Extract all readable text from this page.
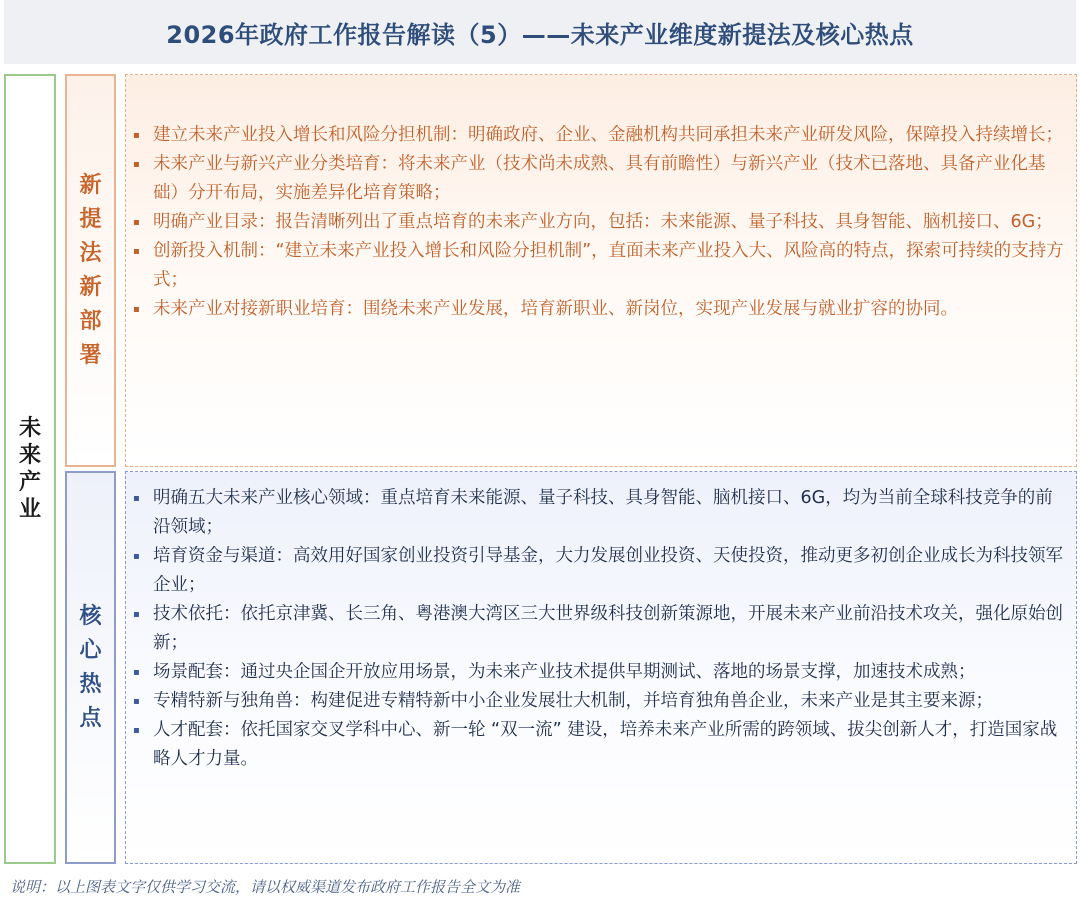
2026年政府工作报告解读（5）——未来产业维度新提法及核心热点
未来产业
新提法新部署
▪ 建立未来产业投入增长和风险分担机制：明确政府、企业、金融机构共同承担未来产业研发风险，保障投入持续增长；
▪ 未来产业与新兴产业分类培育：将未来产业（技术尚未成熟、具有前瞻性）与新兴产业（技术已落地、具备产业化基础）分开布局，实施差异化培育策略；
▪ 明确产业目录：报告清晰列出了重点培育的未来产业方向，包括：未来能源、量子科技、具身智能、脑机接口、6G；
▪ 创新投入机制：“建立未来产业投入增长和风险分担机制”，直面未来产业投入大、风险高的特点，探索可持续的支持方式；
▪ 未来产业对接新职业培育：围绕未来产业发展，培育新职业、新岗位，实现产业发展与就业扩容的协同。
核心热点
▪ 明确五大未来产业核心领域：重点培育未来能源、量子科技、具身智能、脑机接口、6G，均为当前全球科技竞争的前沿领域；
▪ 培育资金与渠道：高效用好国家创业投资引导基金，大力发展创业投资、天使投资，推动更多初创企业成长为科技领军企业；
▪ 技术依托：依托京津冀、长三角、粤港澳大湾区三大世界级科技创新策源地，开展未来产业前沿技术攻关，强化原始创新；
▪ 场景配套：通过央企国企开放应用场景，为未来产业技术提供早期测试、落地的场景支撑，加速技术成熟；
▪ 专精特新与独角兽：构建促进专精特新中小企业发展壮大机制，并培育独角兽企业，未来产业是其主要来源；
▪ 人才配套：依托国家交叉学科中心、新一轮 “双一流” 建设，培养未来产业所需的跨领域、拔尖创新人才，打造国家战略人才力量。
说明：以上图表文字仅供学习交流，请以权威渠道发布政府工作报告全文为准
